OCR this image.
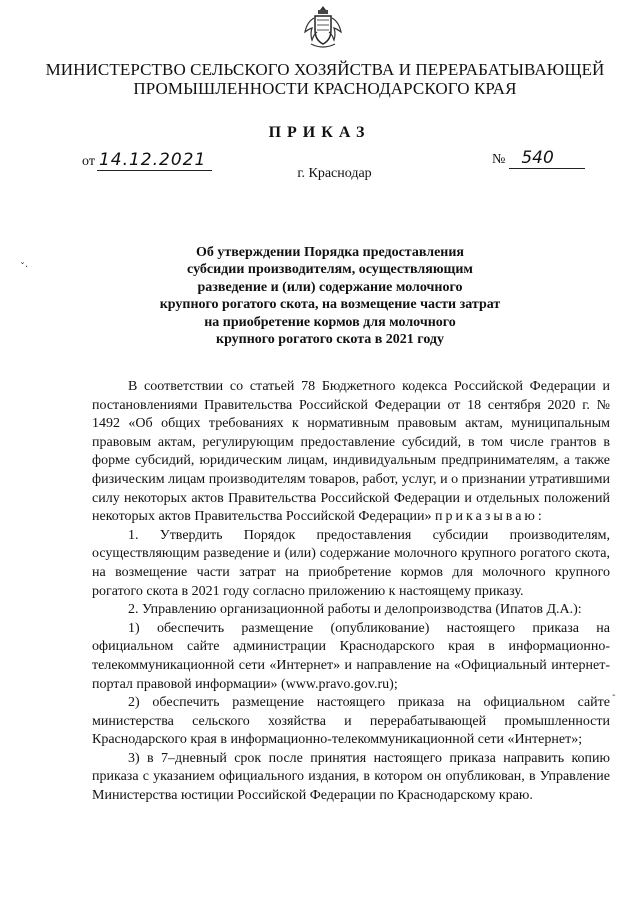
МИНИСТЕРСТВО СЕЛЬСКОГО ХОЗЯЙСТВА И ПЕРЕРАБАТЫВАЮЩЕЙ
ПРОМЫШЛЕННОСТИ КРАСНОДАРСКОГО КРАЯ
ПРИКАЗ
от 14.12.2021	№ 540
г. Краснодар
Об утверждении Порядка предоставления
субсидии производителям, осуществляющим
разведение и (или) содержание молочного
крупного рогатого скота, на возмещение части затрат
на приобретение кормов для молочного
крупного рогатого скота в 2021 году

В соответствии со статьей 78 Бюджетного кодекса Российской Федерации и постановлениями Правительства Российской Федерации от 18 сентября 2020 г. № 1492 «Об общих требованиях к нормативным правовым актам, муниципальным правовым актам, регулирующим предоставление субсидий, в том числе грантов в форме субсидий, юридическим лицам, индивидуальным предпринимателям, а также физическим лицам производителям товаров, работ, услуг, и о признании утратившими силу некоторых актов Правительства Российской Федерации и отдельных положений некоторых актов Правительства Российской Федерации» приказываю:

1. Утвердить Порядок предоставления субсидии производителям, осуществляющим разведение и (или) содержание молочного крупного рогатого скота, на возмещение части затрат на приобретение кормов для молочного крупного рогатого скота в 2021 году согласно приложению к настоящему приказу.

2. Управлению организационной работы и делопроизводства (Ипатов Д.А.):

1) обеспечить размещение (опубликование) настоящего приказа на официальном сайте администрации Краснодарского края в информационно-телекоммуникационной сети «Интернет» и направление на «Официальный интернет-портал правовой информации» (www.pravo.gov.ru);

2) обеспечить размещение настоящего приказа на официальном сайте министерства сельского хозяйства и перерабатывающей промышленности Краснодарского края в информационно-телекоммуникационной сети «Интернет»;

3) в 7–дневный срок после принятия настоящего приказа направить копию приказа с указанием официального издания, в котором он опубликован, в Управление Министерства юстиции Российской Федерации по Краснодарскому краю.

ˇ·
-
